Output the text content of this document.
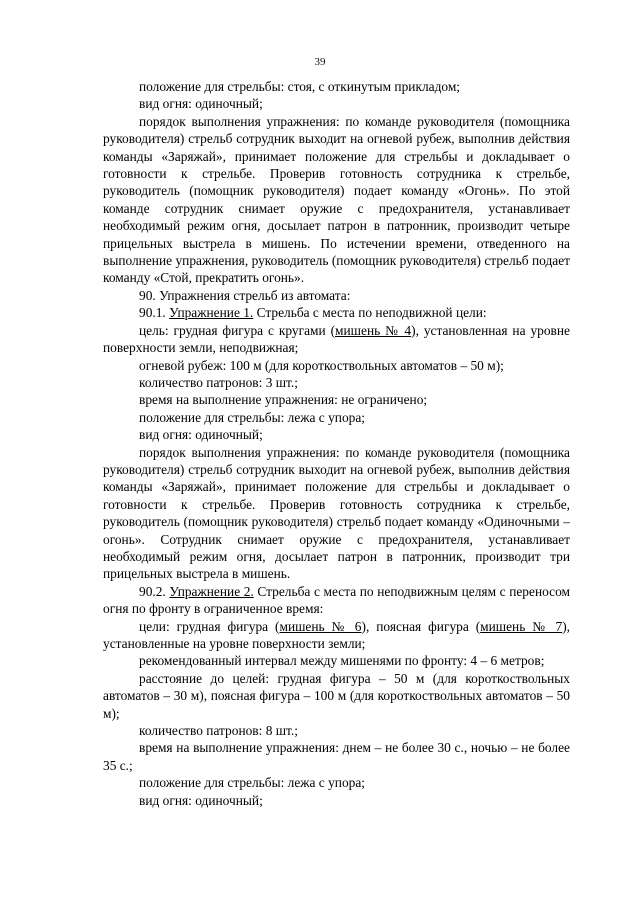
39

положение для стрельбы: стоя, с откинутым прикладом;

вид огня: одиночный;

порядок выполнения упражнения: по команде руководителя (помощника руководителя) стрельб сотрудник выходит на огневой рубеж, выполнив действия команды «Заряжай», принимает положение для стрельбы и докладывает о готовности к стрельбе. Проверив готовность сотрудника к стрельбе, руководитель (помощник руководителя) подает команду «Огонь». По этой команде сотрудник снимает оружие с предохранителя, устанавливает необходимый режим огня, досылает патрон в патронник, производит четыре прицельных выстрела в мишень. По истечении времени, отведенного на выполнение упражнения, руководитель (помощник руководителя) стрельб подает команду «Стой, прекратить огонь».

90. Упражнения стрельб из автомата:

90.1. Упражнение 1. Стрельба с места по неподвижной цели:

цель: грудная фигура с кругами (мишень № 4), установленная на уровне поверхности земли, неподвижная;

огневой рубеж: 100 м (для короткоствольных автоматов – 50 м);

количество патронов: 3 шт.;

время на выполнение упражнения: не ограничено;

положение для стрельбы: лежа с упора;

вид огня: одиночный;

порядок выполнения упражнения: по команде руководителя (помощника руководителя) стрельб сотрудник выходит на огневой рубеж, выполнив действия команды «Заряжай», принимает положение для стрельбы и докладывает о готовности к стрельбе. Проверив готовность сотрудника к стрельбе, руководитель (помощник руководителя) стрельб подает команду «Одиночными – огонь». Сотрудник снимает оружие с предохранителя, устанавливает необходимый режим огня, досылает патрон в патронник, производит три прицельных выстрела в мишень.

90.2. Упражнение 2. Стрельба с места по неподвижным целям с переносом огня по фронту в ограниченное время:

цели: грудная фигура (мишень № 6), поясная фигура (мишень № 7), установленные на уровне поверхности земли;

рекомендованный интервал между мишенями по фронту: 4 – 6 метров;

расстояние до целей: грудная фигура – 50 м (для короткоствольных автоматов – 30 м), поясная фигура – 100 м (для короткоствольных автоматов – 50 м);

количество патронов: 8 шт.;

время на выполнение упражнения: днем – не более 30 с., ночью – не более 35 с.;

положение для стрельбы: лежа с упора;

вид огня: одиночный;
